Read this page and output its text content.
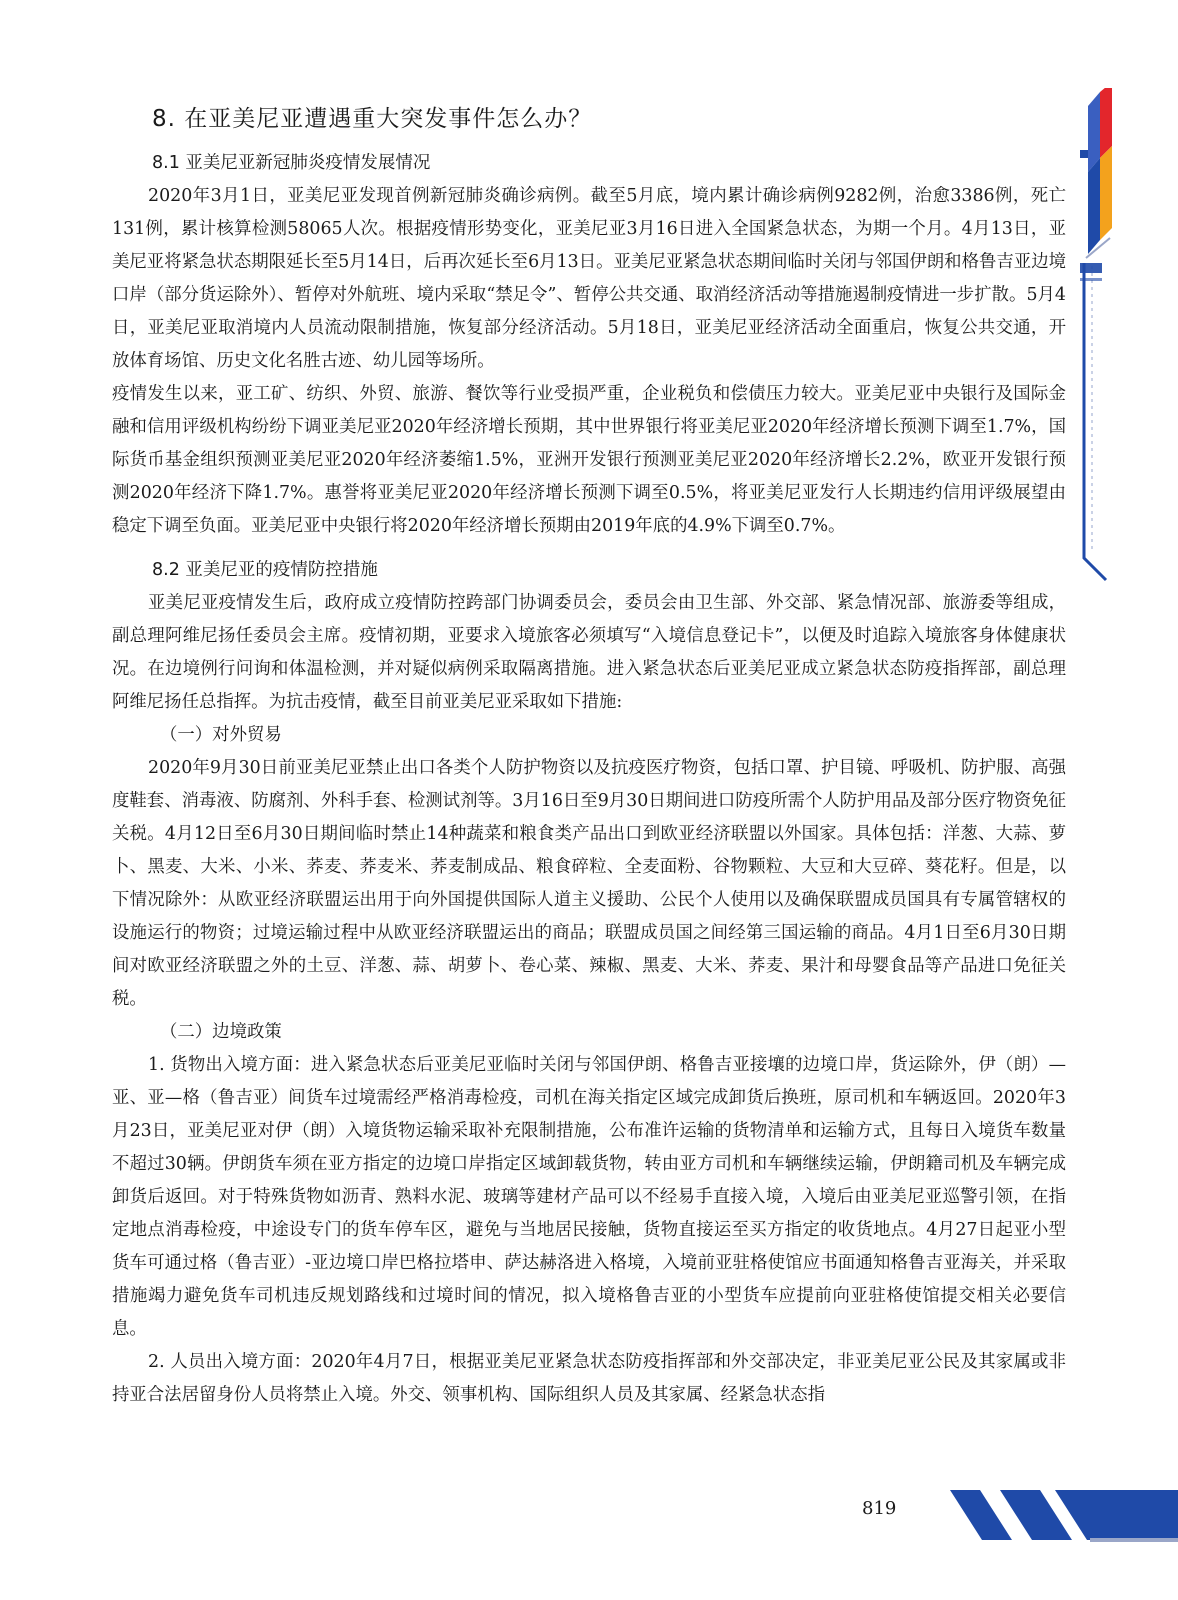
8. 在亚美尼亚遭遇重大突发事件怎么办？
8.1 亚美尼亚新冠肺炎疫情发展情况

2020年3月1日，亚美尼亚发现首例新冠肺炎确诊病例。截至5月底，境内累计确诊病例9282例，治愈3386例，死亡131例，累计核算检测58065人次。根据疫情形势变化，亚美尼亚3月16日进入全国紧急状态，为期一个月。4月13日，亚美尼亚将紧急状态期限延长至5月14日，后再次延长至6月13日。亚美尼亚紧急状态期间临时关闭与邻国伊朗和格鲁吉亚边境口岸（部分货运除外）、暂停对外航班、境内采取“禁足令”、暂停公共交通、取消经济活动等措施遏制疫情进一步扩散。5月4日，亚美尼亚取消境内人员流动限制措施，恢复部分经济活动。5月18日，亚美尼亚经济活动全面重启，恢复公共交通，开放体育场馆、历史文化名胜古迹、幼儿园等场所。

疫情发生以来，亚工矿、纺织、外贸、旅游、餐饮等行业受损严重，企业税负和偿债压力较大。亚美尼亚中央银行及国际金融和信用评级机构纷纷下调亚美尼亚2020年经济增长预期，其中世界银行将亚美尼亚2020年经济增长预测下调至1.7%，国际货币基金组织预测亚美尼亚2020年经济萎缩1.5%，亚洲开发银行预测亚美尼亚2020年经济增长2.2%，欧亚开发银行预测2020年经济下降1.7%。惠誉将亚美尼亚2020年经济增长预测下调至0.5%，将亚美尼亚发行人长期违约信用评级展望由稳定下调至负面。亚美尼亚中央银行将2020年经济增长预期由2019年底的4.9%下调至0.7%。

8.2 亚美尼亚的疫情防控措施

亚美尼亚疫情发生后，政府成立疫情防控跨部门协调委员会，委员会由卫生部、外交部、紧急情况部、旅游委等组成，副总理阿维尼扬任委员会主席。疫情初期，亚要求入境旅客必须填写“入境信息登记卡”，以便及时追踪入境旅客身体健康状况。在边境例行问询和体温检测，并对疑似病例采取隔离措施。进入紧急状态后亚美尼亚成立紧急状态防疫指挥部，副总理阿维尼扬任总指挥。为抗击疫情，截至目前亚美尼亚采取如下措施:

（一）对外贸易

2020年9月30日前亚美尼亚禁止出口各类个人防护物资以及抗疫医疗物资，包括口罩、护目镜、呼吸机、防护服、高强度鞋套、消毒液、防腐剂、外科手套、检测试剂等。3月16日至9月30日期间进口防疫所需个人防护用品及部分医疗物资免征关税。4月12日至6月30日期间临时禁止14种蔬菜和粮食类产品出口到欧亚经济联盟以外国家。具体包括：洋葱、大蒜、萝卜、黑麦、大米、小米、荞麦、荞麦米、荞麦制成品、粮食碎粒、全麦面粉、谷物颗粒、大豆和大豆碎、葵花籽。但是，以下情况除外：从欧亚经济联盟运出用于向外国提供国际人道主义援助、公民个人使用以及确保联盟成员国具有专属管辖权的设施运行的物资；过境运输过程中从欧亚经济联盟运出的商品；联盟成员国之间经第三国运输的商品。4月1日至6月30日期间对欧亚经济联盟之外的土豆、洋葱、蒜、胡萝卜、卷心菜、辣椒、黑麦、大米、荞麦、果汁和母婴食品等产品进口免征关税。

（二）边境政策

1. 货物出入境方面：进入紧急状态后亚美尼亚临时关闭与邻国伊朗、格鲁吉亚接壤的边境口岸，货运除外，伊（朗）—亚、亚—格（鲁吉亚）间货车过境需经严格消毒检疫，司机在海关指定区域完成卸货后换班，原司机和车辆返回。2020年3月23日，亚美尼亚对伊（朗）入境货物运输采取补充限制措施，公布准许运输的货物清单和运输方式，且每日入境货车数量不超过30辆。伊朗货车须在亚方指定的边境口岸指定区域卸载货物，转由亚方司机和车辆继续运输，伊朗籍司机及车辆完成卸货后返回。对于特殊货物如沥青、熟料水泥、玻璃等建材产品可以不经易手直接入境，入境后由亚美尼亚巡警引领，在指定地点消毒检疫，中途设专门的货车停车区，避免与当地居民接触，货物直接运至买方指定的收货地点。4月27日起亚小型货车可通过格（鲁吉亚）-亚边境口岸巴格拉塔申、萨达赫洛进入格境，入境前亚驻格使馆应书面通知格鲁吉亚海关，并采取措施竭力避免货车司机违反规划路线和过境时间的情况，拟入境格鲁吉亚的小型货车应提前向亚驻格使馆提交相关必要信息。

2. 人员出入境方面：2020年4月7日，根据亚美尼亚紧急状态防疫指挥部和外交部决定，非亚美尼亚公民及其家属或非持亚合法居留身份人员将禁止入境。外交、领事机构、国际组织人员及其家属、经紧急状态指

819
